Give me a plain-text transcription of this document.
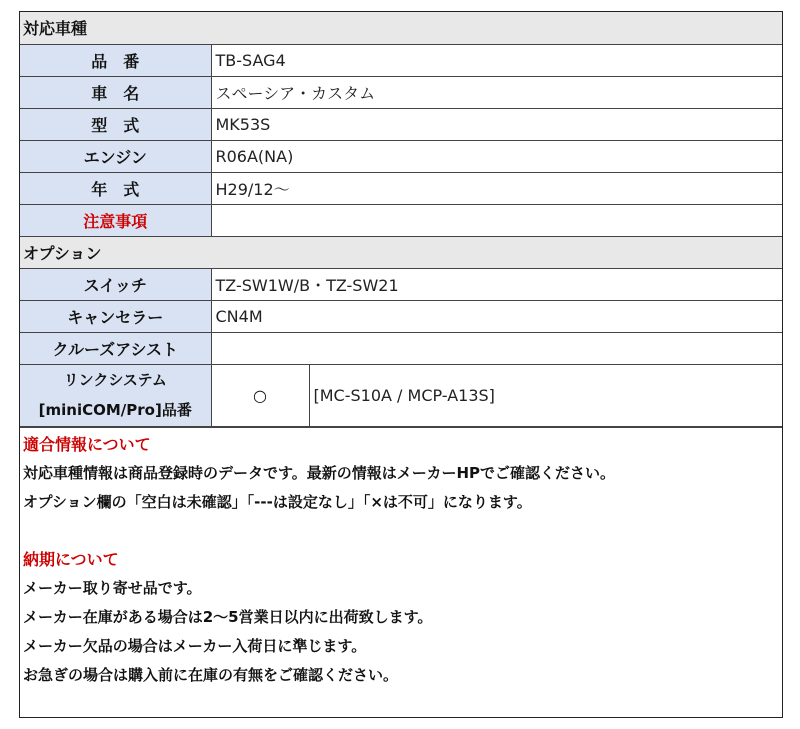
対応車種		
品　番	TB-SAG4	
車　名	スペーシア・カスタム	
型　式	MK53S	
エンジン	R06A(NA)	
年　式	H29/12～	
注意事項		
オプション		
スイッチ	TZ-SW1W/B・TZ-SW21	
キャンセラー	CN4M	
クルーズアシスト		

リンクシステム
[miniCOM/Pro]品番	○	[MC-S10A / MCP-A13S]
適合情報について
対応車種情報は商品登録時のデータです。最新の情報はメーカーHPでご確認ください。
オプション欄の「空白は未確認」「---は設定なし」「×は不可」になります。
納期について
メーカー取り寄せ品です。
メーカー在庫がある場合は2～5営業日以内に出荷致します。
メーカー欠品の場合はメーカー入荷日に準じます。
お急ぎの場合は購入前に在庫の有無をご確認ください。
